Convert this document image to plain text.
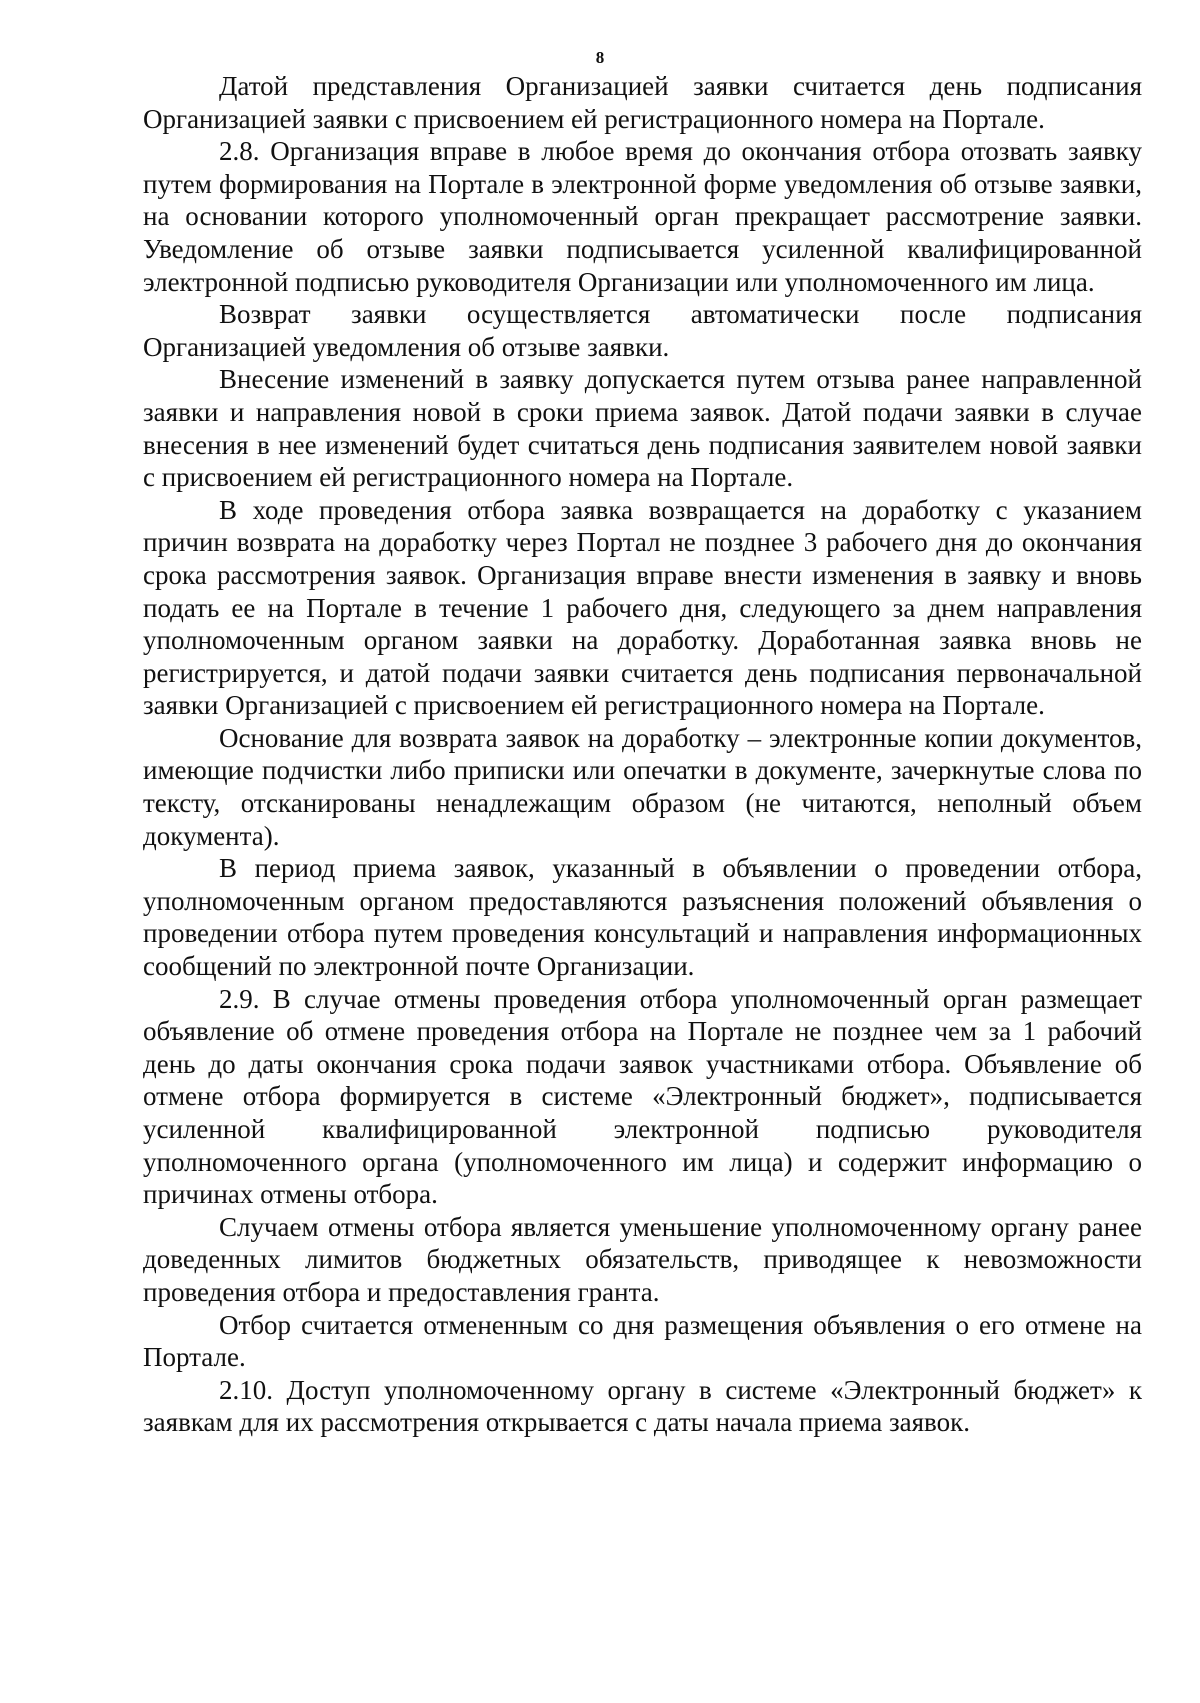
8

Датой представления Организацией заявки считается день подписания Организацией заявки с присвоением ей регистрационного номера на Портале.

2.8. Организация вправе в любое время до окончания отбора отозвать заявку путем формирования на Портале в электронной форме уведомления об отзыве заявки, на основании которого уполномоченный орган прекращает рассмотрение заявки. Уведомление об отзыве заявки подписывается усиленной квалифицированной электронной подписью руководителя Организации или уполномоченного им лица.

Возврат заявки осуществляется автоматически после подписания Организацией уведомления об отзыве заявки.

Внесение изменений в заявку допускается путем отзыва ранее направленной заявки и направления новой в сроки приема заявок. Датой подачи заявки в случае внесения в нее изменений будет считаться день подписания заявителем новой заявки с присвоением ей регистрационного номера на Портале.

В ходе проведения отбора заявка возвращается на доработку с указанием причин возврата на доработку через Портал не позднее 3 рабочего дня до окончания срока рассмотрения заявок. Организация вправе внести изменения в заявку и вновь подать ее на Портале в течение 1 рабочего дня, следующего за днем направления уполномоченным органом заявки на доработку. Доработанная заявка вновь не регистрируется, и датой подачи заявки считается день подписания первоначальной заявки Организацией с присвоением ей регистрационного номера на Портале.

Основание для возврата заявок на доработку – электронные копии документов, имеющие подчистки либо приписки или опечатки в документе, зачеркнутые слова по тексту, отсканированы ненадлежащим образом (не читаются, неполный объем документа).

В период приема заявок, указанный в объявлении о проведении отбора, уполномоченным органом предоставляются разъяснения положений объявления о проведении отбора путем проведения консультаций и направления информационных сообщений по электронной почте Организации.

2.9. В случае отмены проведения отбора уполномоченный орган размещает объявление об отмене проведения отбора на Портале не позднее чем за 1 рабочий день до даты окончания срока подачи заявок участниками отбора. Объявление об отмене отбора формируется в системе «Электронный бюджет», подписывается усиленной квалифицированной электронной подписью руководителя уполномоченного органа (уполномоченного им лица) и содержит информацию о причинах отмены отбора.

Случаем отмены отбора является уменьшение уполномоченному органу ранее доведенных лимитов бюджетных обязательств, приводящее к невозможности проведения отбора и предоставления гранта.

Отбор считается отмененным со дня размещения объявления о его отмене на Портале.

2.10. Доступ уполномоченному органу в системе «Электронный бюджет» к заявкам для их рассмотрения открывается с даты начала приема заявок.
